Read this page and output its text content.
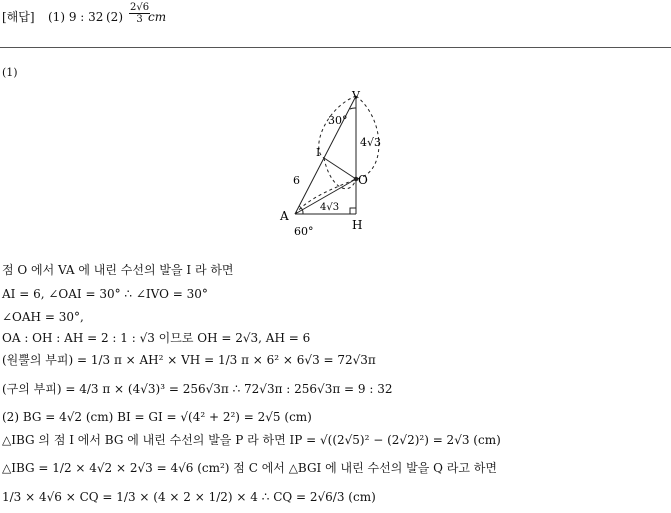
[해답] (1) 9 : 32 $(2) \frac{2√6}{3}$
cm
(1)
V
A
H
O
I
30°
60°
4√3
6
4√3
점 O 에서 VA 에 내린 수선의 발을 I 라 하면
AI = 6, ∠OAI = 30° ∴ ∠IVO = 30°
∠OAH = 30°,
OA : OH : AH = 2 : 1 : √3 이므로 OH = 2√3, AH = 6
(원뿔의 부피) = 1/3 π × AH² × VH = 1/3 π × 6² × 6√3 = 72√3π
(구의 부피) = 4/3 π × (4√3)³ = 256√3π ∴ 72√3π : 256√3π = 9 : 32
(2) BG = 4√2 (cm) BI = GI = √(4² + 2²) = 2√5 (cm)
△IBG 의 점 I 에서 BG 에 내린 수선의 발을 P 라 하면 IP = √((2√5)² − (2√2)²) = 2√3 (cm)
△IBG = 1/2 × 4√2 × 2√3 = 4√6 (cm²) 점 C 에서 △BGI 에 내린 수선의 발을 Q 라고 하면
1/3 × 4√6 × CQ = 1/3 × (4 × 2 × 1/2) × 4 ∴ CQ = 2√6/3 (cm)
